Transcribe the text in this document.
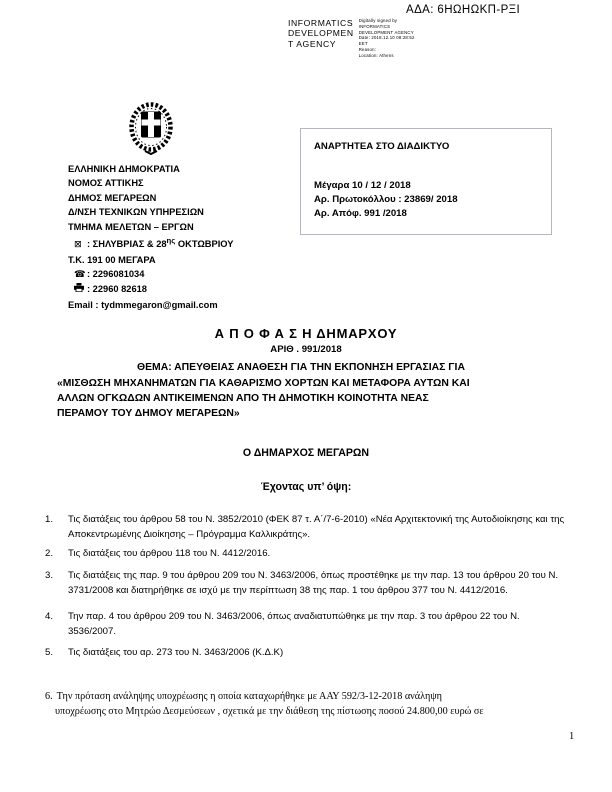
ΑΔΑ: 6ΗΩΗΩΚΠ-ΡΞΙ
INFORMATICS
DEVELOPMEN
T AGENCY
Digitally signed by
INFORMATICS
DEVELOPMENT AGENCY
Date: 2018.12.10 08:28:52
EET
Reason:
Location: Athens
ΕΛΛΗΝΙΚΗ ΔΗΜΟΚΡΑΤΙΑ
ΝΟΜΟΣ ΑΤΤΙΚΗΣ
ΔΗΜΟΣ ΜΕΓΑΡΕΩΝ
Δ/ΝΣΗ ΤΕΧΝΙΚΩΝ ΥΠΗΡΕΣΙΩΝ
ΤΜΗΜΑ ΜΕΛΕΤΩΝ – ΕΡΓΩΝ
⊠ : ΣΗΛΥΒΡΙΑΣ & $28^{\eta\varsigma}$ ΟΚΤΩΒΡΙΟΥ
Τ.Κ. 191 00 ΜΕΓΑΡΑ
☎: 2296081034
: 22960 82618
Email : tydmmegaron@gmail.com
ΑΝΑΡΤΗΤΕΑ ΣΤΟ ΔΙΑΔΙΚΤΥΟ
Μέγαρα 10 / 12 / 2018
Αρ. Πρωτοκόλλου : 23869/ 2018
Αρ. Απόφ. 991 /2018
Α Π Ο Φ Α Σ Η ΔΗΜΑΡΧΟΥ
ΑΡΙΘ . 991/2018
ΘΕΜΑ: ΑΠΕΥΘΕΙΑΣ ΑΝΑΘΕΣΗ ΓΙΑ ΤΗΝ ΕΚΠΟΝΗΣΗ ΕΡΓΑΣΙΑΣ ΓΙΑ
«ΜΙΣΘΩΣΗ ΜΗΧΑΝΗΜΑΤΩΝ ΓΙΑ ΚΑΘΑΡΙΣΜΟ ΧΟΡΤΩΝ ΚΑΙ ΜΕΤΑΦΟΡΑ ΑΥΤΩΝ ΚΑΙ
ΑΛΛΩΝ ΟΓΚΩΔΩΝ ΑΝΤΙΚΕΙΜΕΝΩΝ ΑΠΟ ΤΗ ΔΗΜΟΤΙΚΗ ΚΟΙΝΟΤΗΤΑ ΝΕΑΣ
ΠΕΡΑΜΟΥ ΤΟΥ ΔΗΜΟΥ ΜΕΓΑΡΕΩΝ»
Ο ΔΗΜΑΡΧΟΣ ΜΕΓΑΡΩΝ
Έχοντας υπ’ όψη:
1.	Τις διατάξεις του άρθρου 58 του Ν. 3852/2010 (ΦΕΚ 87 τ. Α΄/7-6-2010) «Νέα Αρχιτεκτονική της Αυτοδιοίκησης και της Αποκεντρωμένης Διοίκησης – Πρόγραμμα Καλλικράτης».
2.	Τις διατάξεις του άρθρου 118 του Ν. 4412/2016.
3.	Τις διατάξεις της παρ. 9 του άρθρου 209 του Ν. 3463/2006, όπως προστέθηκε με την παρ. 13 του άρθρου 20 του Ν. 3731/2008 και διατηρήθηκε σε ισχύ με την περίπτωση 38 της παρ. 1 του άρθρου 377 του Ν. 4412/2016.
4.	Την παρ. 4 του άρθρου 209 του Ν. 3463/2006, όπως αναδιατυπώθηκε με την παρ. 3 του άρθρου 22 του Ν. 3536/2007.
5.	Τις διατάξεις του αρ. 273 του Ν. 3463/2006 (Κ.Δ.Κ)
6. Την πρόταση ανάληψης υποχρέωσης η οποία καταχωρήθηκε με ΑΑΥ 592/3-12-2018 ανάληψη
υποχρέωσης στο Μητρώο Δεσμεύσεων , σχετικά με την διάθεση της πίστωσης ποσού 24.800,00 ευρώ σε
1
